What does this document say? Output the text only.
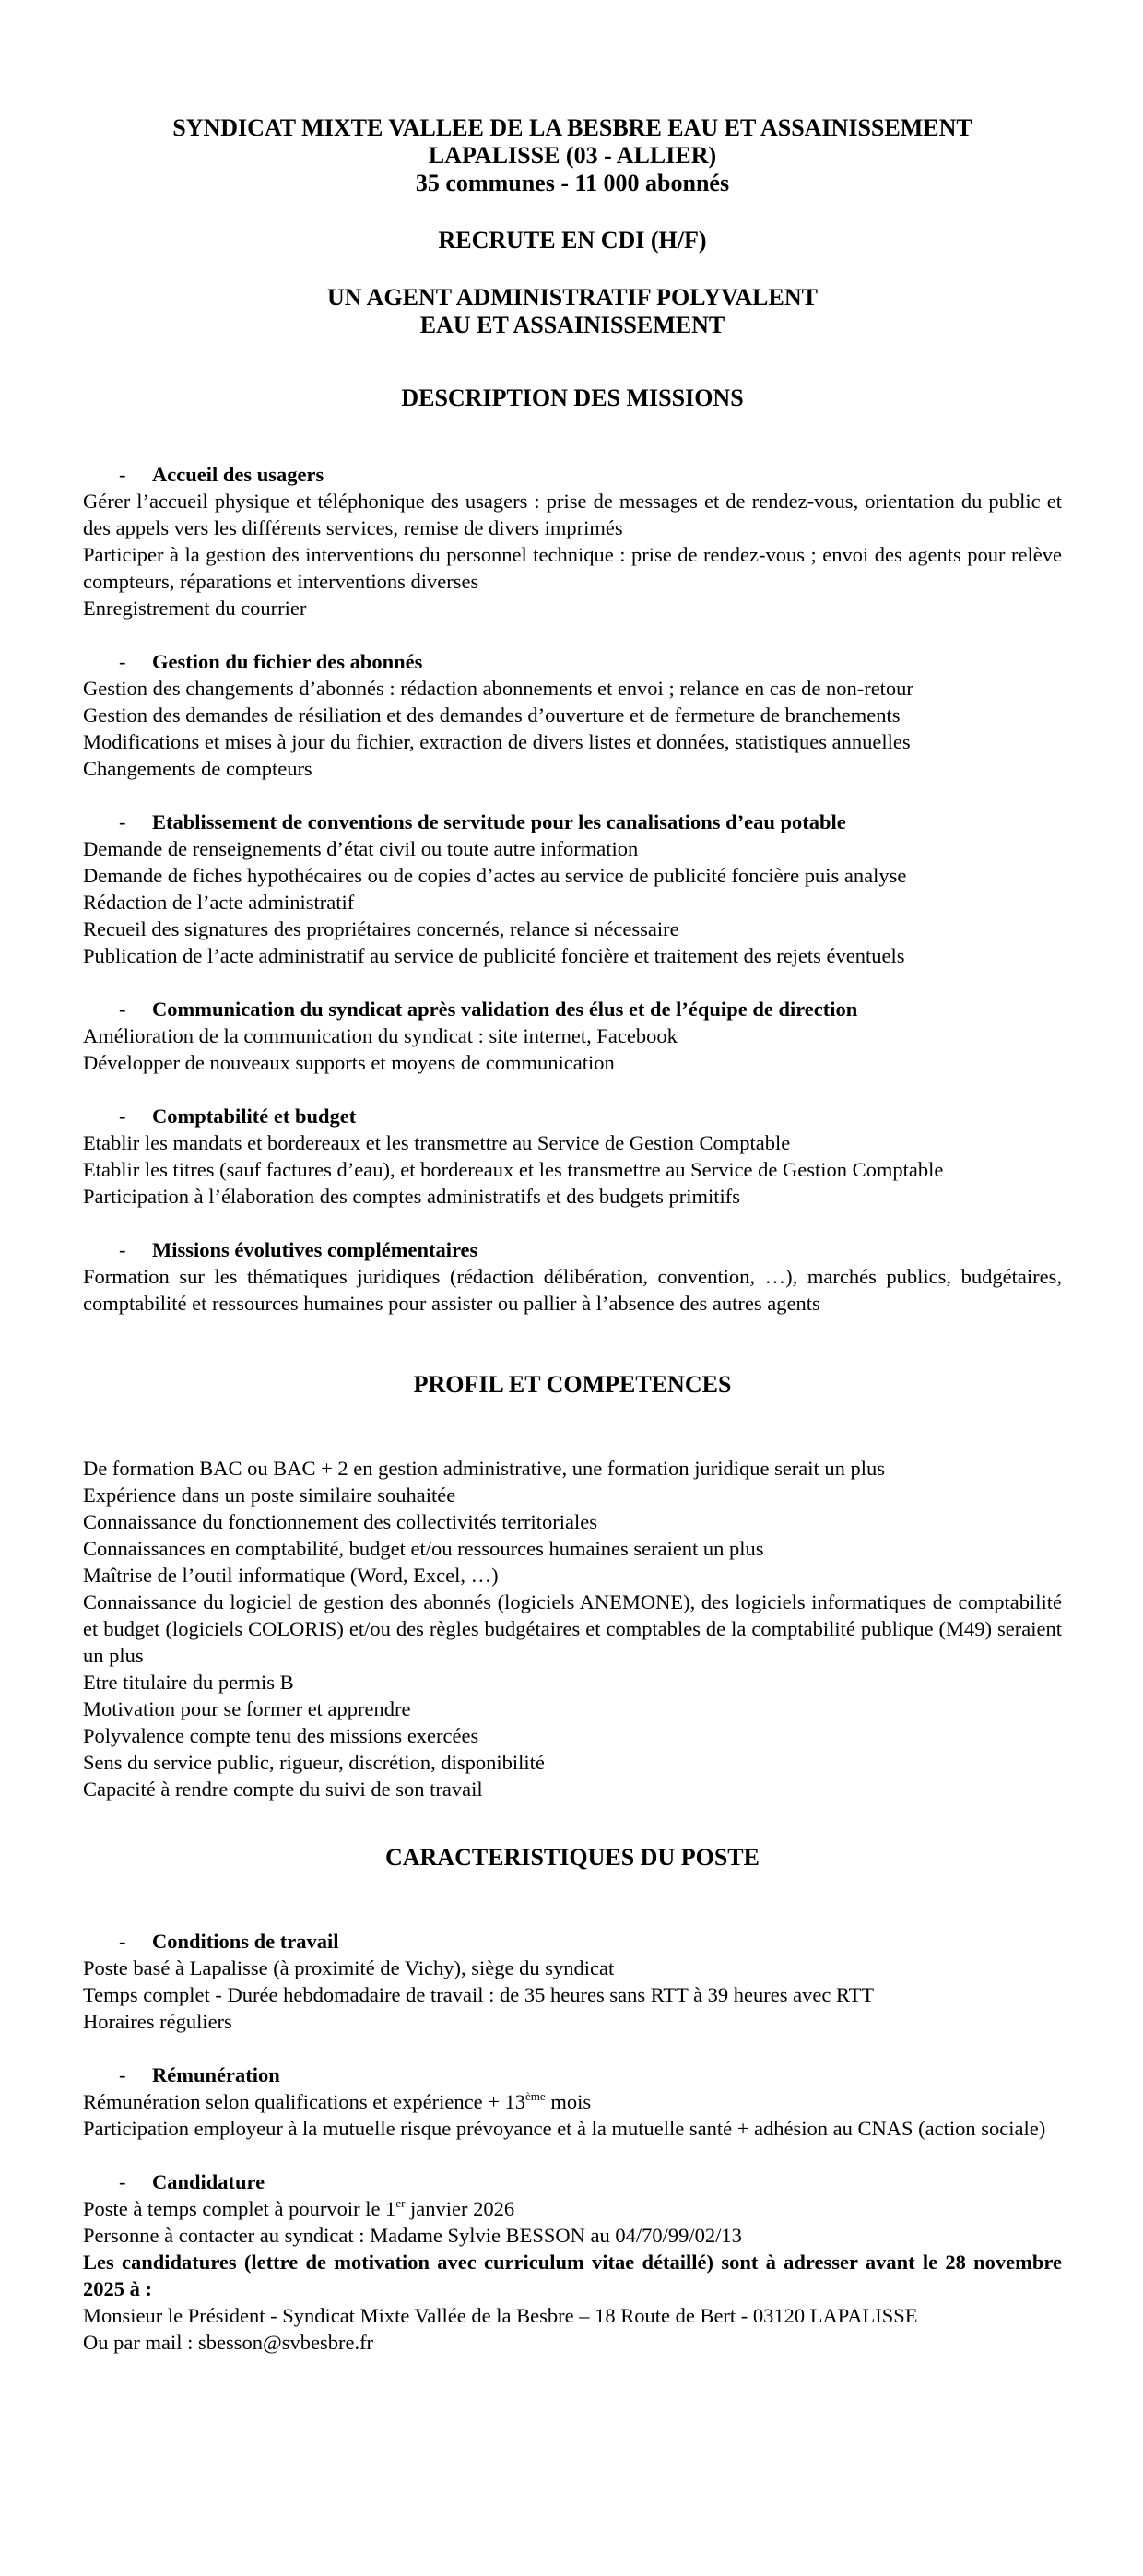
SYNDICAT MIXTE VALLEE DE LA BESBRE EAU ET ASSAINISSEMENT

LAPALISSE (03 - ALLIER)

35 communes - 11 000 abonnés

RECRUTE EN CDI (H/F)

UN AGENT ADMINISTRATIF POLYVALENT

EAU ET ASSAINISSEMENT

DESCRIPTION DES MISSIONS

- Accueil des usagers

Gérer l’accueil physique et téléphonique des usagers : prise de messages et de rendez-vous, orientation du public et des appels vers les différents services, remise de divers imprimés

Participer à la gestion des interventions du personnel technique : prise de rendez-vous ; envoi des agents pour relève compteurs, réparations et interventions diverses

Enregistrement du courrier

- Gestion du fichier des abonnés

Gestion des changements d’abonnés : rédaction abonnements et envoi ; relance en cas de non-retour

Gestion des demandes de résiliation et des demandes d’ouverture et de fermeture de branchements

Modifications et mises à jour du fichier, extraction de divers listes et données, statistiques annuelles

Changements de compteurs

- Etablissement de conventions de servitude pour les canalisations d’eau potable

Demande de renseignements d’état civil ou toute autre information

Demande de fiches hypothécaires ou de copies d’actes au service de publicité foncière puis analyse

Rédaction de l’acte administratif

Recueil des signatures des propriétaires concernés, relance si nécessaire

Publication de l’acte administratif au service de publicité foncière et traitement des rejets éventuels

- Communication du syndicat après validation des élus et de l’équipe de direction

Amélioration de la communication du syndicat : site internet, Facebook

Développer de nouveaux supports et moyens de communication

- Comptabilité et budget

Etablir les mandats et bordereaux et les transmettre au Service de Gestion Comptable

Etablir les titres (sauf factures d’eau), et bordereaux et les transmettre au Service de Gestion Comptable

Participation à l’élaboration des comptes administratifs et des budgets primitifs

- Missions évolutives complémentaires

Formation sur les thématiques juridiques (rédaction délibération, convention, …), marchés publics, budgétaires, comptabilité et ressources humaines pour assister ou pallier à l’absence des autres agents

PROFIL ET COMPETENCES

De formation BAC ou BAC + 2 en gestion administrative, une formation juridique serait un plus

Expérience dans un poste similaire souhaitée

Connaissance du fonctionnement des collectivités territoriales

Connaissances en comptabilité, budget et/ou ressources humaines seraient un plus

Maîtrise de l’outil informatique (Word, Excel, …)

Connaissance du logiciel de gestion des abonnés (logiciels ANEMONE), des logiciels informatiques de comptabilité et budget (logiciels COLORIS) et/ou des règles budgétaires et comptables de la comptabilité publique (M49) seraient un plus

Etre titulaire du permis B

Motivation pour se former et apprendre

Polyvalence compte tenu des missions exercées

Sens du service public, rigueur, discrétion, disponibilité

Capacité à rendre compte du suivi de son travail

CARACTERISTIQUES DU POSTE

- Conditions de travail

Poste basé à Lapalisse (à proximité de Vichy), siège du syndicat

Temps complet - Durée hebdomadaire de travail : de 35 heures sans RTT à 39 heures avec RTT

Horaires réguliers

- Rémunération

Rémunération selon qualifications et expérience + 13ème mois

Participation employeur à la mutuelle risque prévoyance et à la mutuelle santé + adhésion au CNAS (action sociale)

- Candidature

Poste à temps complet à pourvoir le 1er janvier 2026

Personne à contacter au syndicat : Madame Sylvie BESSON au 04/70/99/02/13

Les candidatures (lettre de motivation avec curriculum vitae détaillé) sont à adresser avant le 28 novembre 2025 à :

Monsieur le Président - Syndicat Mixte Vallée de la Besbre – 18 Route de Bert - 03120 LAPALISSE

Ou par mail : sbesson@svbesbre.fr
